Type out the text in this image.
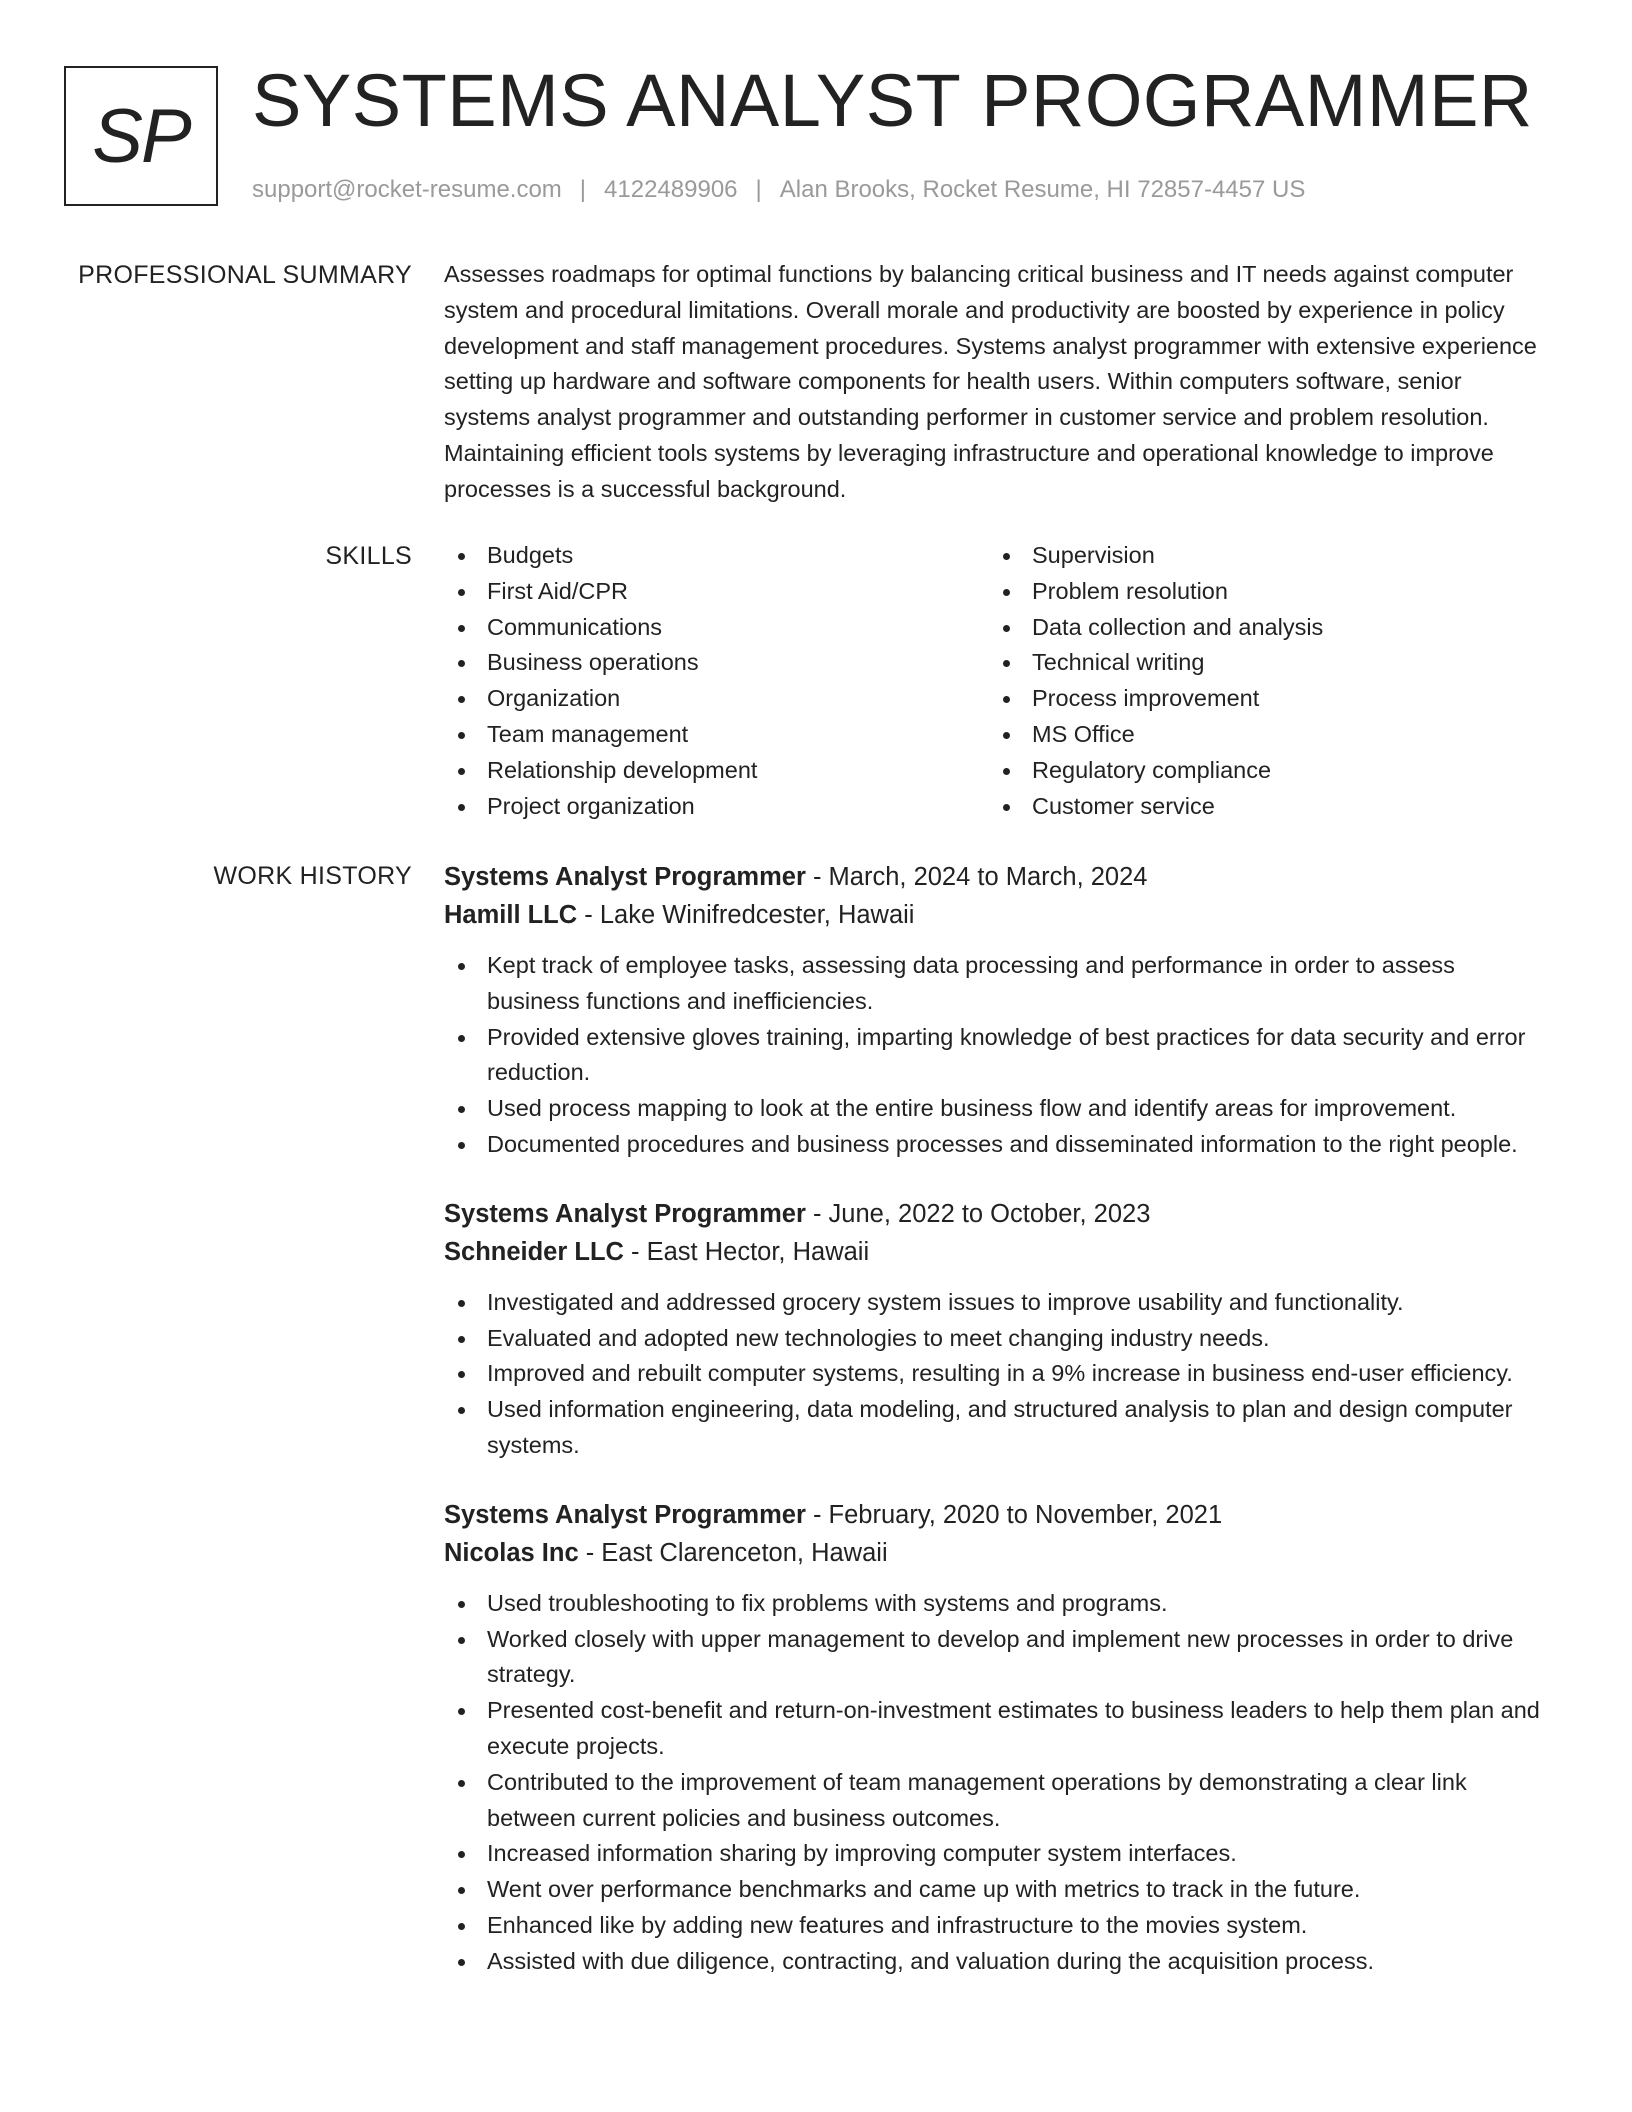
SP SYSTEMS ANALYST PROGRAMMER
support@rocket-resume.com | 4122489906 | Alan Brooks, Rocket Resume, HI 72857-4457 US
PROFESSIONAL SUMMARY Assesses roadmaps for optimal functions by balancing critical business and IT needs against computer system and procedural limitations. Overall morale and productivity are boosted by experience in policy development and staff management procedures. Systems analyst programmer with extensive experience setting up hardware and software components for health users. Within computers software, senior systems analyst programmer and outstanding performer in customer service and problem resolution. Maintaining efficient tools systems by leveraging infrastructure and operational knowledge to improve processes is a successful background.

SKILLS	Budgets
First Aid/CPR
Communications
Business operations
Organization
Team management
Relationship development
Project organization
Supervision
Problem resolution
Data collection and analysis
Technical writing
Process improvement
MS Office
Regulatory compliance
Customer service
WORK HISTORY Systems Analyst Programmer - March, 2024 to March, 2024
Hamill LLC - Lake Winifredcester, Hawaii
Kept track of employee tasks, assessing data processing and performance in order to assess business functions and inefficiencies.
Provided extensive gloves training, imparting knowledge of best practices for data security and error reduction.
Used process mapping to look at the entire business flow and identify areas for improvement.
Documented procedures and business processes and disseminated information to the right people.
Systems Analyst Programmer - June, 2022 to October, 2023
Schneider LLC - East Hector, Hawaii
Investigated and addressed grocery system issues to improve usability and functionality.
Evaluated and adopted new technologies to meet changing industry needs.
Improved and rebuilt computer systems, resulting in a 9% increase in business end-user efficiency.
Used information engineering, data modeling, and structured analysis to plan and design computer systems.
Systems Analyst Programmer - February, 2020 to November, 2021
Nicolas Inc - East Clarenceton, Hawaii
Used troubleshooting to fix problems with systems and programs.
Worked closely with upper management to develop and implement new processes in order to drive strategy.
Presented cost-benefit and return-on-investment estimates to business leaders to help them plan and execute projects.
Contributed to the improvement of team management operations by demonstrating a clear link between current policies and business outcomes.
Increased information sharing by improving computer system interfaces.
Went over performance benchmarks and came up with metrics to track in the future.
Enhanced like by adding new features and infrastructure to the movies system.
Assisted with due diligence, contracting, and valuation during the acquisition process.
